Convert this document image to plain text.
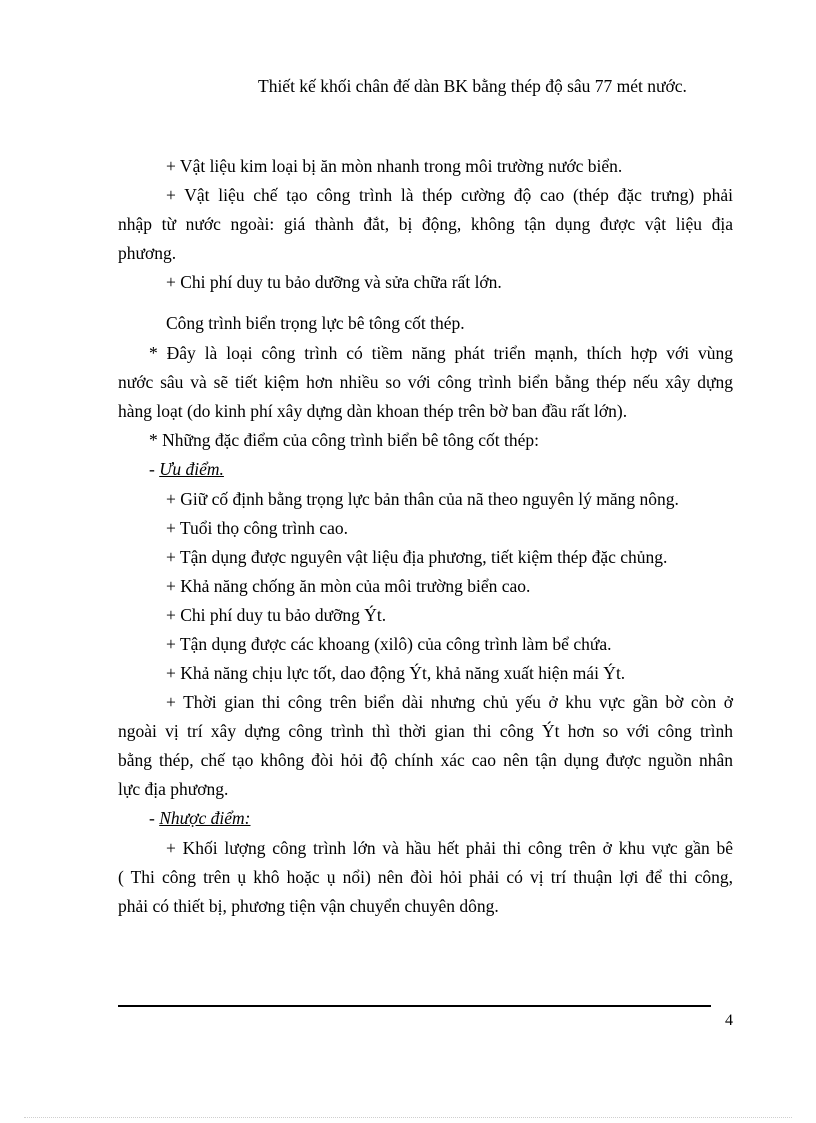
Thiết kế khối chân đế dàn BK bằng thép độ sâu 77 mét nước.
+ Vật liệu kim loại bị ăn mòn nhanh trong môi trường nước biển.
+ Vật liệu chế tạo công trình là thép cường độ cao (thép đặc trưng) phải
nhập từ nước ngoài: giá thành đắt, bị động, không tận dụng được vật liệu địa
phương.
+ Chi phí duy tu bảo dưỡng và sửa chữa rất lớn.
Công trình biển trọng lực bê tông cốt thép.
* Đây là loại công trình có tiềm năng phát triển mạnh, thích hợp với vùng
nước sâu và sẽ tiết kiệm hơn nhiều so với công trình biển bằng thép nếu xây dựng
hàng loạt (do kinh phí xây dựng dàn khoan thép trên bờ ban đầu rất lớn).
* Những đặc điểm của công trình biển bê tông cốt thép:
- Ưu điểm.
+ Giữ cố định bằng trọng lực bản thân của nã theo nguyên lý măng nông.
+ Tuổi thọ công trình cao.
+ Tận dụng được nguyên vật liệu địa phương, tiết kiệm thép đặc chủng.
+ Khả năng chống ăn mòn của môi trường biển cao.
+ Chi phí duy tu bảo dưỡng Ýt.
+ Tận dụng được các khoang (xilô) của công trình làm bể chứa.
+ Khả năng chịu lực tốt, dao động Ýt, khả năng xuất hiện mái Ýt.
+ Thời gian thi công trên biển dài nhưng chủ yếu ở khu vực gần bờ còn ở
ngoài vị trí xây dựng công trình thì thời gian thi công Ýt hơn so với công trình
bằng thép, chế tạo không đòi hỏi độ chính xác cao nên tận dụng được nguồn nhân
lực địa phương.
- Nhược điểm:
+ Khối lượng công trình lớn và hầu hết phải thi công trên ở khu vực gần bê
( Thi công trên ụ khô hoặc ụ nổi) nên đòi hỏi phải có vị trí thuận lợi để thi công,
phải có thiết bị, phương tiện vận chuyển chuyên dông.
4
